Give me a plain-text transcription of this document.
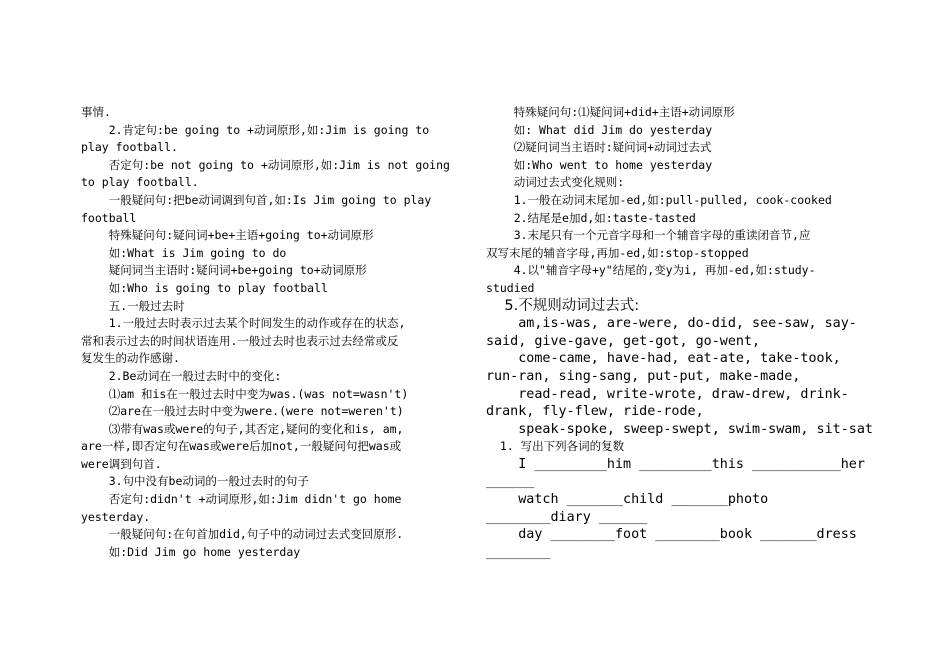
事情.
2.肯定句:be going to +动词原形,如:Jim is going to
play football.
否定句:be not going to +动词原形,如:Jim is not going
to play football.
一般疑问句:把be动词调到句首,如:Is Jim going to play
football
特殊疑问句:疑问词+be+主语+going to+动词原形
如:What is Jim going to do
疑问词当主语时:疑问词+be+going to+动词原形
如:Who is going to play football
五.一般过去时
1.一般过去时表示过去某个时间发生的动作或存在的状态,
常和表示过去的时间状语连用.一般过去时也表示过去经常或反
复发生的动作感谢.
2.Be动词在一般过去时中的变化:
⑴am 和is在一般过去时中变为was.(was not=wasn't)
⑵are在一般过去时中变为were.(were not=weren't)
⑶带有was或were的句子,其否定,疑问的变化和is, am,
are一样,即否定句在was或were后加not,一般疑问句把was或
were调到句首.
3.句中没有be动词的一般过去时的句子
否定句:didn't +动词原形,如:Jim didn't go home
yesterday.
一般疑问句:在句首加did,句子中的动词过去式变回原形.
如:Did Jim go home yesterday
特殊疑问句:⑴疑问词+did+主语+动词原形
如: What did Jim do yesterday
⑵疑问词当主语时:疑问词+动词过去式
如:Who went to home yesterday
动词过去式变化规则:
1.一般在动词末尾加-ed,如:pull-pulled, cook-cooked
2.结尾是e加d,如:taste-tasted
3.末尾只有一个元音字母和一个辅音字母的重读闭音节,应
双写末尾的辅音字母,再加-ed,如:stop-stopped
4.以"辅音字母+y"结尾的,变y为i, 再加-ed,如:study-
studied
5.不规则动词过去式:
am,is-was, are-were, do-did, see-saw, say-
said, give-gave, get-got, go-went,
come-came, have-had, eat-ate, take-took,
run-ran, sing-sang, put-put, make-made,
read-read, write-wrote, draw-drew, drink-
drank, fly-flew, ride-rode,
speak-spoke, sweep-swept, swim-swam, sit-sat
1. 写出下列各词的复数
I _________him _________this ___________her
______
watch _______child _______photo
________diary ______
day ________foot ________book _______dress
________
